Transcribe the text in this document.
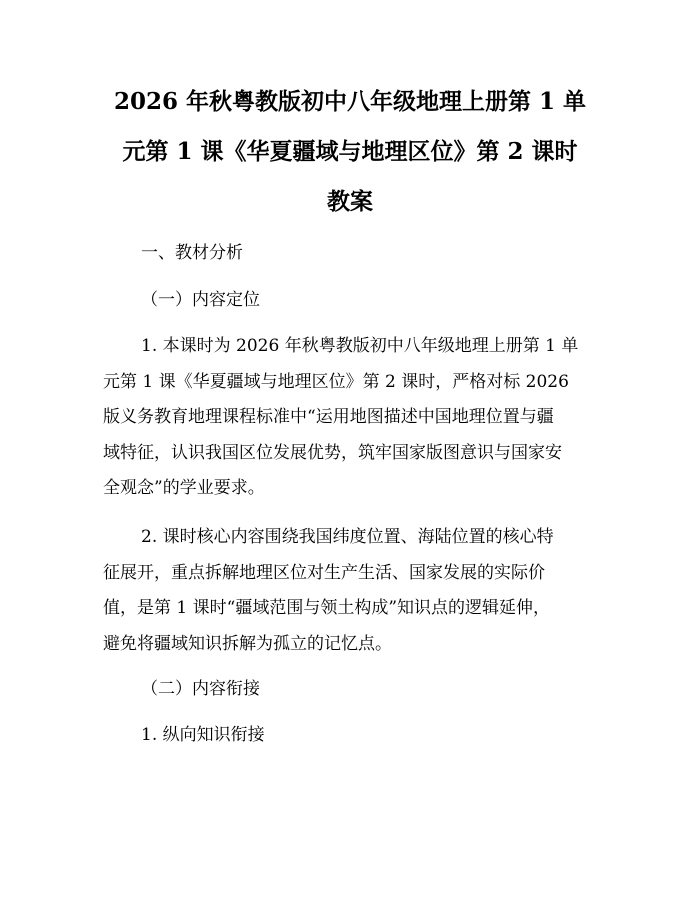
2026 年秋粤教版初中八年级地理上册第 1 单
元第 1 课《华夏疆域与地理区位》第 2 课时
教案

一、教材分析

（一）内容定位

1. 本课时为 2026 年秋粤教版初中八年级地理上册第 1 单
元第 1 课《华夏疆域与地理区位》第 2 课时，严格对标 2026
版义务教育地理课程标准中“运用地图描述中国地理位置与疆
域特征，认识我国区位发展优势，筑牢国家版图意识与国家安
全观念”的学业要求。

2. 课时核心内容围绕我国纬度位置、海陆位置的核心特
征展开，重点拆解地理区位对生产生活、国家发展的实际价
值，是第 1 课时“疆域范围与领土构成”知识点的逻辑延伸，
避免将疆域知识拆解为孤立的记忆点。

（二）内容衔接

1. 纵向知识衔接
